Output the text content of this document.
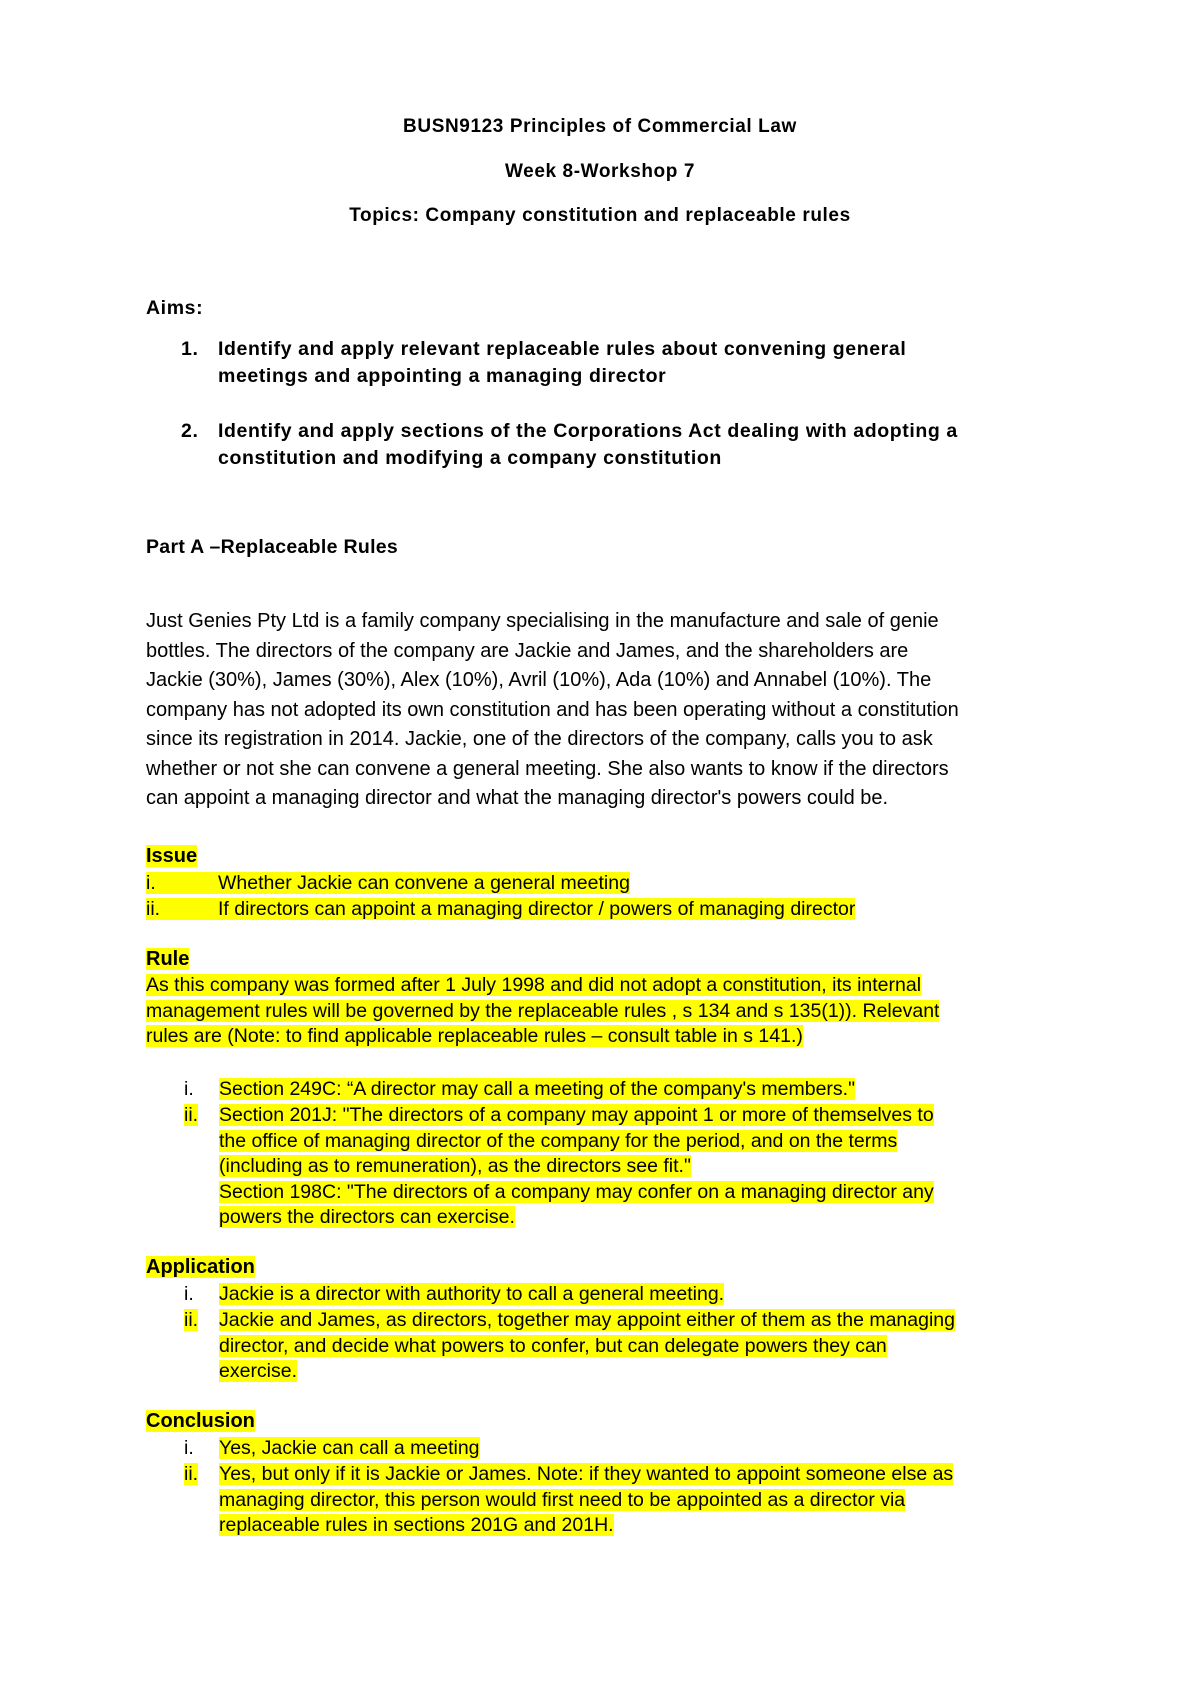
BUSN9123 Principles of Commercial Law
Week 8-Workshop 7
Topics: Company constitution and replaceable rules
Aims:
1. Identify and apply relevant replaceable rules about convening general
meetings and appointing a managing director
2. Identify and apply sections of the Corporations Act dealing with adopting a
constitution and modifying a company constitution
Part A –Replaceable Rules
Just Genies Pty Ltd is a family company specialising in the manufacture and sale of genie
bottles. The directors of the company are Jackie and James, and the shareholders are
Jackie (30%), James (30%), Alex (10%), Avril (10%), Ada (10%) and Annabel (10%). The
company has not adopted its own constitution and has been operating without a constitution
since its registration in 2014. Jackie, one of the directors of the company, calls you to ask
whether or not she can convene a general meeting. She also wants to know if the directors
can appoint a managing director and what the managing director's powers could be.
Issue
i.	Whether Jackie can convene a general meeting
ii.	If directors can appoint a managing director / powers of managing director
Rule
As this company was formed after 1 July 1998 and did not adopt a constitution, its internal
management rules will be governed by the replaceable rules , s 134 and s 135(1)). Relevant
rules are (Note: to find applicable replaceable rules – consult table in s 141.)
i. Section 249C: “A director may call a meeting of the company's members."
ii. Section 201J: "The directors of a company may appoint 1 or more of themselves to
the office of managing director of the company for the period, and on the terms
(including as to remuneration), as the directors see fit."
Section 198C: "The directors of a company may confer on a managing director any
powers the directors can exercise.
Application
i. Jackie is a director with authority to call a general meeting.
ii. Jackie and James, as directors, together may appoint either of them as the managing
director, and decide what powers to confer, but can delegate powers they can
exercise.
Conclusion
i. Yes, Jackie can call a meeting
ii. Yes, but only if it is Jackie or James. Note: if they wanted to appoint someone else as
managing director, this person would first need to be appointed as a director via
replaceable rules in sections 201G and 201H.
